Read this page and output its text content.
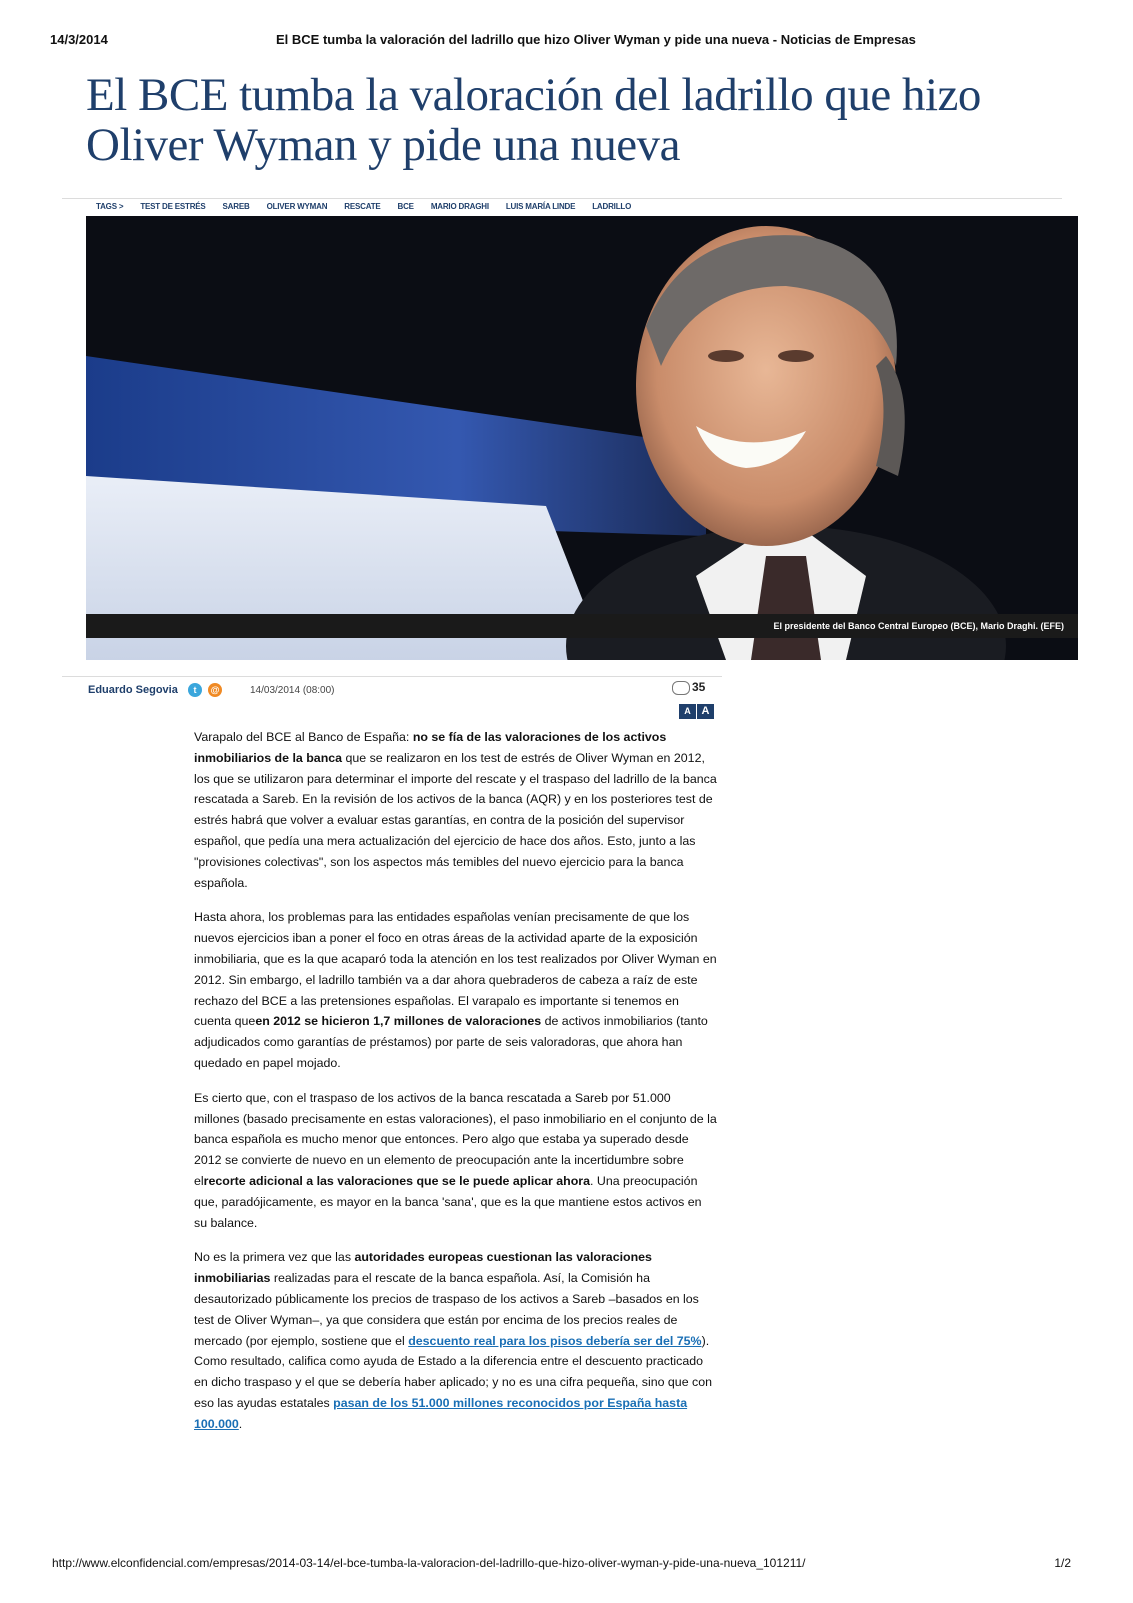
14/3/2014	El BCE tumba la valoración del ladrillo que hizo Oliver Wyman y pide una nueva - Noticias de Empresas
El BCE tumba la valoración del ladrillo que hizo Oliver Wyman y pide una nueva
TAGS > TEST DE ESTRÉS SAREB OLIVER WYMAN RESCATE BCE MARIO DRAGHI LUIS MARÍA LINDE LADRILLO
El presidente del Banco Central Europeo (BCE), Mario Draghi. (EFE)
Eduardo Segovia	t	@	14/03/2014 (08:00)	35
A A

Varapalo del BCE al Banco de España: no se fía de las valoraciones de los activos inmobiliarios de la banca que se realizaron en los test de estrés de Oliver Wyman en 2012, los que se utilizaron para determinar el importe del rescate y el traspaso del ladrillo de la banca rescatada a Sareb. En la revisión de los activos de la banca (AQR) y en los posteriores test de estrés habrá que volver a evaluar estas garantías, en contra de la posición del supervisor español, que pedía una mera actualización del ejercicio de hace dos años. Esto, junto a las "provisiones colectivas", son los aspectos más temibles del nuevo ejercicio para la banca española.

Hasta ahora, los problemas para las entidades españolas venían precisamente de que los nuevos ejercicios iban a poner el foco en otras áreas de la actividad aparte de la exposición inmobiliaria, que es la que acaparó toda la atención en los test realizados por Oliver Wyman en 2012. Sin embargo, el ladrillo también va a dar ahora quebraderos de cabeza a raíz de este rechazo del BCE a las pretensiones españolas. El varapalo es importante si tenemos en cuenta queen 2012 se hicieron 1,7 millones de valoraciones de activos inmobiliarios (tanto adjudicados como garantías de préstamos) por parte de seis valoradoras, que ahora han quedado en papel mojado.

Es cierto que, con el traspaso de los activos de la banca rescatada a Sareb por 51.000 millones (basado precisamente en estas valoraciones), el paso inmobiliario en el conjunto de la banca española es mucho menor que entonces. Pero algo que estaba ya superado desde 2012 se convierte de nuevo en un elemento de preocupación ante la incertidumbre sobre elrecorte adicional a las valoraciones que se le puede aplicar ahora. Una preocupación que, paradójicamente, es mayor en la banca 'sana', que es la que mantiene estos activos en su balance.

No es la primera vez que las autoridades europeas cuestionan las valoraciones inmobiliarias realizadas para el rescate de la banca española. Así, la Comisión ha desautorizado públicamente los precios de traspaso de los activos a Sareb –basados en los test de Oliver Wyman–, ya que considera que están por encima de los precios reales de mercado (por ejemplo, sostiene que el descuento real para los pisos debería ser del 75%). Como resultado, califica como ayuda de Estado a la diferencia entre el descuento practicado en dicho traspaso y el que se debería haber aplicado; y no es una cifra pequeña, sino que con eso las ayudas estatales pasan de los 51.000 millones reconocidos por España hasta 100.000.

http://www.elconfidencial.com/empresas/2014-03-14/el-bce-tumba-la-valoracion-del-ladrillo-que-hizo-oliver-wyman-y-pide-una-nueva_101211/	1/2
